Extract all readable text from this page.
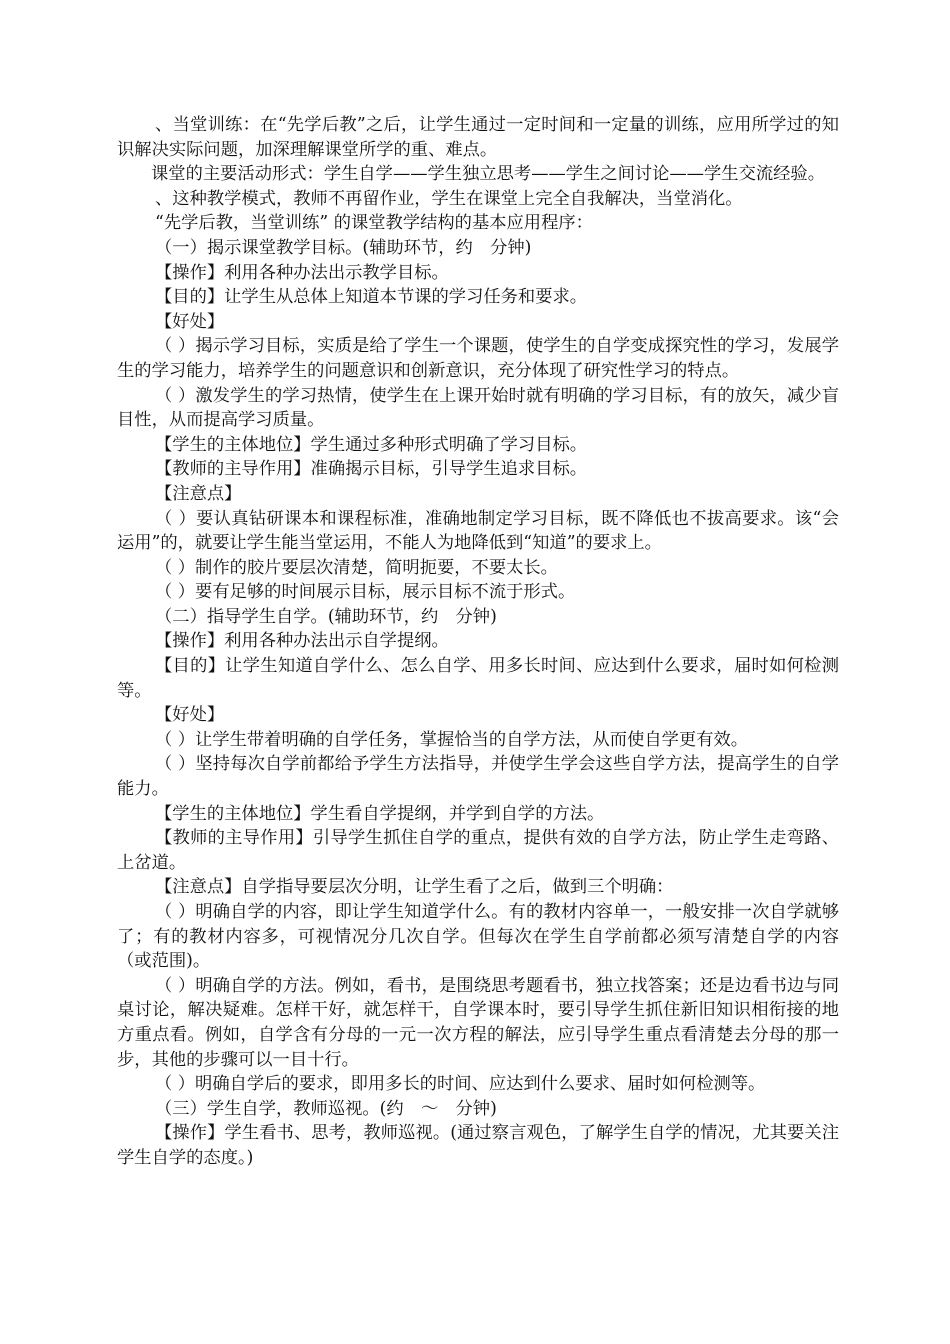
、当堂训练：在“先学后教”之后，让学生通过一定时间和一定量的训练，应用所学过的知识解决实际问题，加深理解课堂所学的重、难点。

课堂的主要活动形式：学生自学——学生独立思考——学生之间讨论——学生交流经验。

、这种教学模式，教师不再留作业，学生在课堂上完全自我解决，当堂消化。

“先学后教，当堂训练” 的课堂教学结构的基本应用程序：

（一）揭示课堂教学目标。(辅助环节，约　分钟)

【操作】利用各种办法出示教学目标。

【目的】让学生从总体上知道本节课的学习任务和要求。

【好处】

（ ）揭示学习目标，实质是给了学生一个课题，使学生的自学变成探究性的学习，发展学生的学习能力，培养学生的问题意识和创新意识，充分体现了研究性学习的特点。

（ ）激发学生的学习热情，使学生在上课开始时就有明确的学习目标，有的放矢，减少盲目性，从而提高学习质量。

【学生的主体地位】学生通过多种形式明确了学习目标。

【教师的主导作用】准确揭示目标，引导学生追求目标。

【注意点】

（ ）要认真钻研课本和课程标准，准确地制定学习目标，既不降低也不拔高要求。该“会运用”的，就要让学生能当堂运用，不能人为地降低到“知道”的要求上。

（ ）制作的胶片要层次清楚，简明扼要，不要太长。

（ ）要有足够的时间展示目标，展示目标不流于形式。

（二）指导学生自学。(辅助环节，约　分钟)

【操作】利用各种办法出示自学提纲。

【目的】让学生知道自学什么、怎么自学、用多长时间、应达到什么要求，届时如何检测等。

【好处】

（ ）让学生带着明确的自学任务，掌握恰当的自学方法，从而使自学更有效。

（ ）坚持每次自学前都给予学生方法指导，并使学生学会这些自学方法，提高学生的自学能力。

【学生的主体地位】学生看自学提纲，并学到自学的方法。

【教师的主导作用】引导学生抓住自学的重点，提供有效的自学方法，防止学生走弯路、上岔道。

【注意点】自学指导要层次分明，让学生看了之后，做到三个明确：

（ ）明确自学的内容，即让学生知道学什么。有的教材内容单一，一般安排一次自学就够了；有的教材内容多，可视情况分几次自学。但每次在学生自学前都必须写清楚自学的内容（或范围)。

（ ）明确自学的方法。例如，看书，是围绕思考题看书，独立找答案；还是边看书边与同桌讨论，解决疑难。怎样干好，就怎样干，自学课本时，要引导学生抓住新旧知识相衔接的地方重点看。例如，自学含有分母的一元一次方程的解法，应引导学生重点看清楚去分母的那一步，其他的步骤可以一目十行。

（ ）明确自学后的要求，即用多长的时间、应达到什么要求、届时如何检测等。

（三）学生自学，教师巡视。(约　～　分钟)

【操作】学生看书、思考，教师巡视。(通过察言观色，了解学生自学的情况，尤其要关注学生自学的态度。)
